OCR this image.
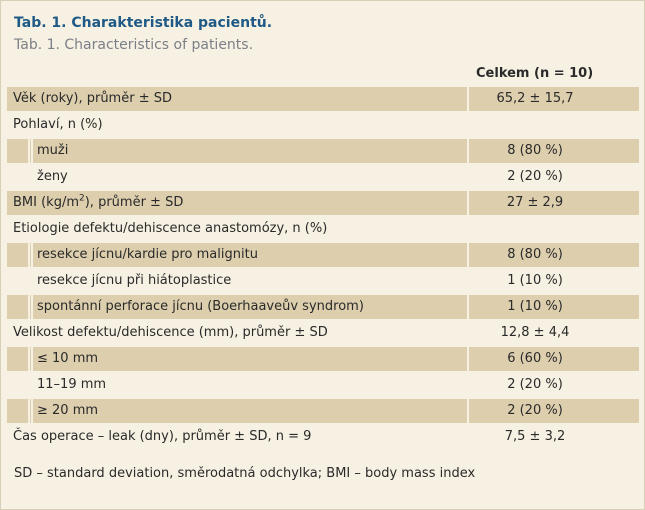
Tab. 1. Charakteristika pacientů.
Tab. 1. Characteristics of patients.
Celkem (n = 10)
Věk (roky), průměr ± SD	65,2 ± 15,7
Pohlaví, n (%)
muži	8 (80 %)
ženy	2 (20 %)
BMI $(kg/m^2)$, průměr ± SD	27 ± 2,9
Etiologie defektu/dehiscence anastomózy, n (%)
resekce jícnu/kardie pro malignitu	8 (80 %)
resekce jícnu při hiátoplastice	1 (10 %)
spontánní perforace jícnu (Boerhaaveův syndrom)	1 (10 %)
Velikost defektu/dehiscence (mm), průměr ± SD	12,8 ± 4,4
≤ 10 mm	6 (60 %)
11–19 mm	2 (20 %)
≥ 20 mm	2 (20 %)
Čas operace – leak (dny), průměr ± SD, n = 9	7,5 ± 3,2
SD – standard deviation, směrodatná odchylka; BMI – body mass index
